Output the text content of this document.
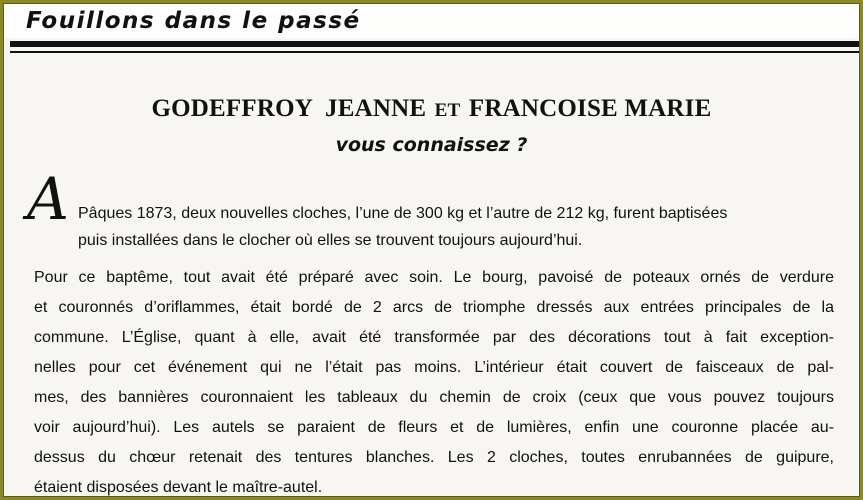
Fouillons dans le passé
GODEFFROY  JEANNE ET FRANCOISE MARIE
vous connaissez ?
A Pâques 1873, deux nouvelles cloches, l’une de 300 kg et l’autre de 212 kg, furent baptisées
puis installées dans le clocher où elles se trouvent toujours aujourd’hui.
Pour ce baptême, tout avait été préparé avec soin. Le bourg, pavoisé de poteaux ornés de verdure
et couronnés d’oriflammes, était bordé de 2 arcs de triomphe dressés aux entrées principales de la
commune. L’Église, quant à elle, avait été transformée par des décorations tout à fait exception-
nelles pour cet événement qui ne l’était pas moins. L’intérieur était couvert de faisceaux de pal-
mes, des bannières couronnaient les tableaux du chemin de croix (ceux que vous pouvez toujours
voir aujourd’hui). Les autels se paraient de fleurs et de lumières, enfin une couronne placée au-
dessus du chœur retenait des tentures blanches. Les 2 cloches, toutes enrubannées de guipure,
étaient disposées devant le maître-autel.
